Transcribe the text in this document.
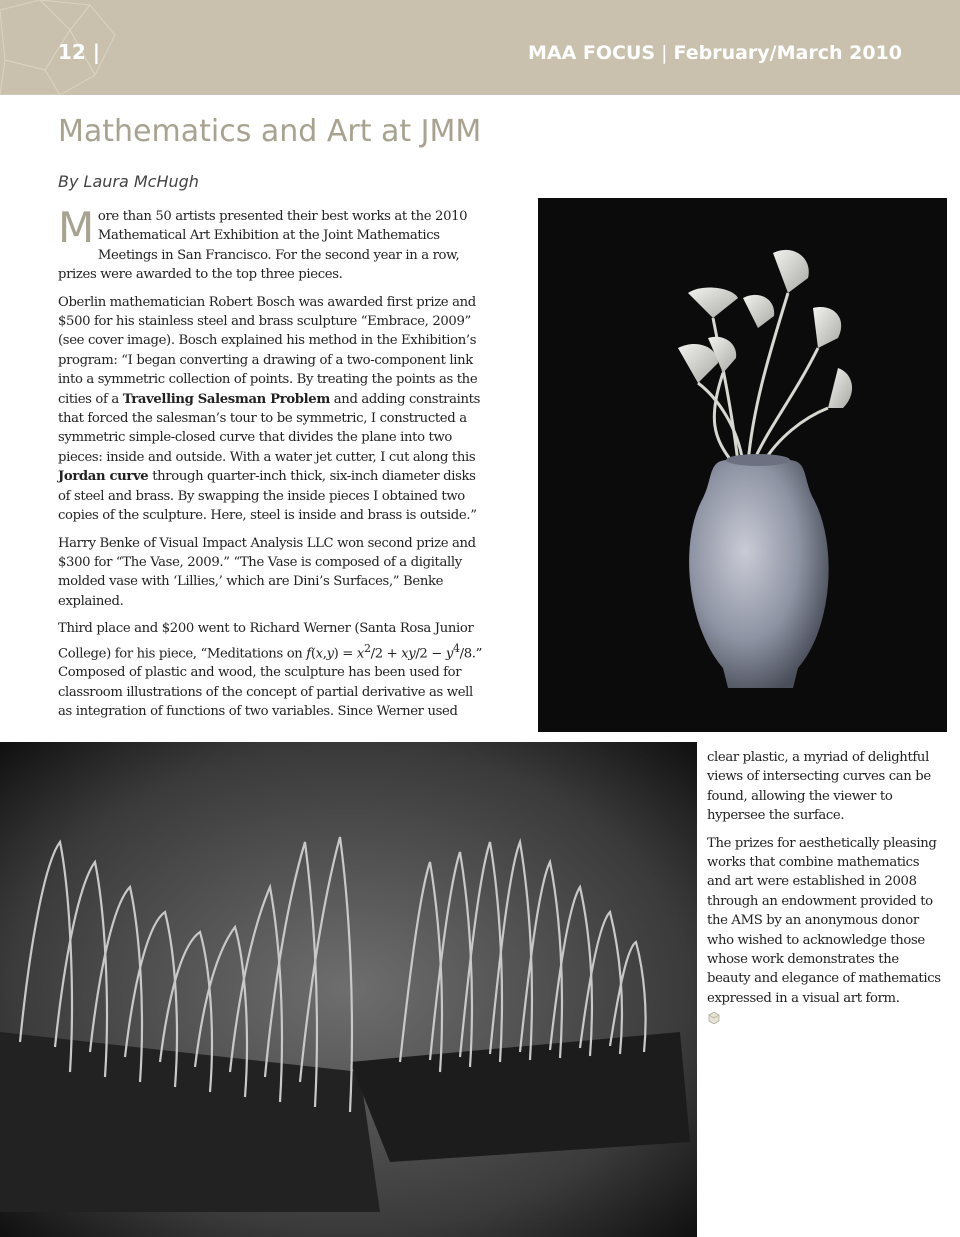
12 |	MAA FOCUS | February/March 2010
Mathematics and Art at JMM
By Laura McHugh

More than 50 artists presented their best works at the 2010 Mathematical Art Exhibition at the Joint Mathematics Meetings in San Francisco. For the second year in a row, prizes were awarded to the top three pieces.

Oberlin mathematician Robert Bosch was awarded first prize and $500 for his stainless steel and brass sculpture “Embrace, 2009” (see cover image). Bosch explained his method in the Exhibition’s program: “I began converting a drawing of a two-component link into a symmetric collection of points. By treating the points as the cities of a Travelling Salesman Problem and adding constraints that forced the salesman’s tour to be symmetric, I constructed a symmetric simple-closed curve that divides the plane into two pieces: inside and outside. With a water jet cutter, I cut along this Jordan curve through quarter-inch thick, six-inch diameter disks of steel and brass. By swapping the inside pieces I obtained two copies of the sculpture. Here, steel is inside and brass is outside.”

Harry Benke of Visual Impact Analysis LLC won second prize and $300 for “The Vase, 2009.” “The Vase is composed of a digitally molded vase with ‘Lillies,’ which are Dini’s Surfaces,” Benke explained.

Third place and $200 went to Richard Werner (Santa Rosa Junior College) for his piece, “Meditations on $f(x,y) = x^2/2 + xy/2 - y^4/8$.” Composed of plastic and wood, the sculpture has been used for classroom illustrations of the concept of partial derivative as well as integration of functions of two variables. Since Werner used

clear plastic, a myriad of delightful views of intersecting curves can be found, allowing the viewer to hypersee the surface.

The prizes for aesthetically pleasing works that combine mathematics and art were established in 2008 through an endowment provided to the AMS by an anonymous donor who wished to acknowledge those whose work demonstrates the beauty and elegance of mathematics expressed in a visual art form.
